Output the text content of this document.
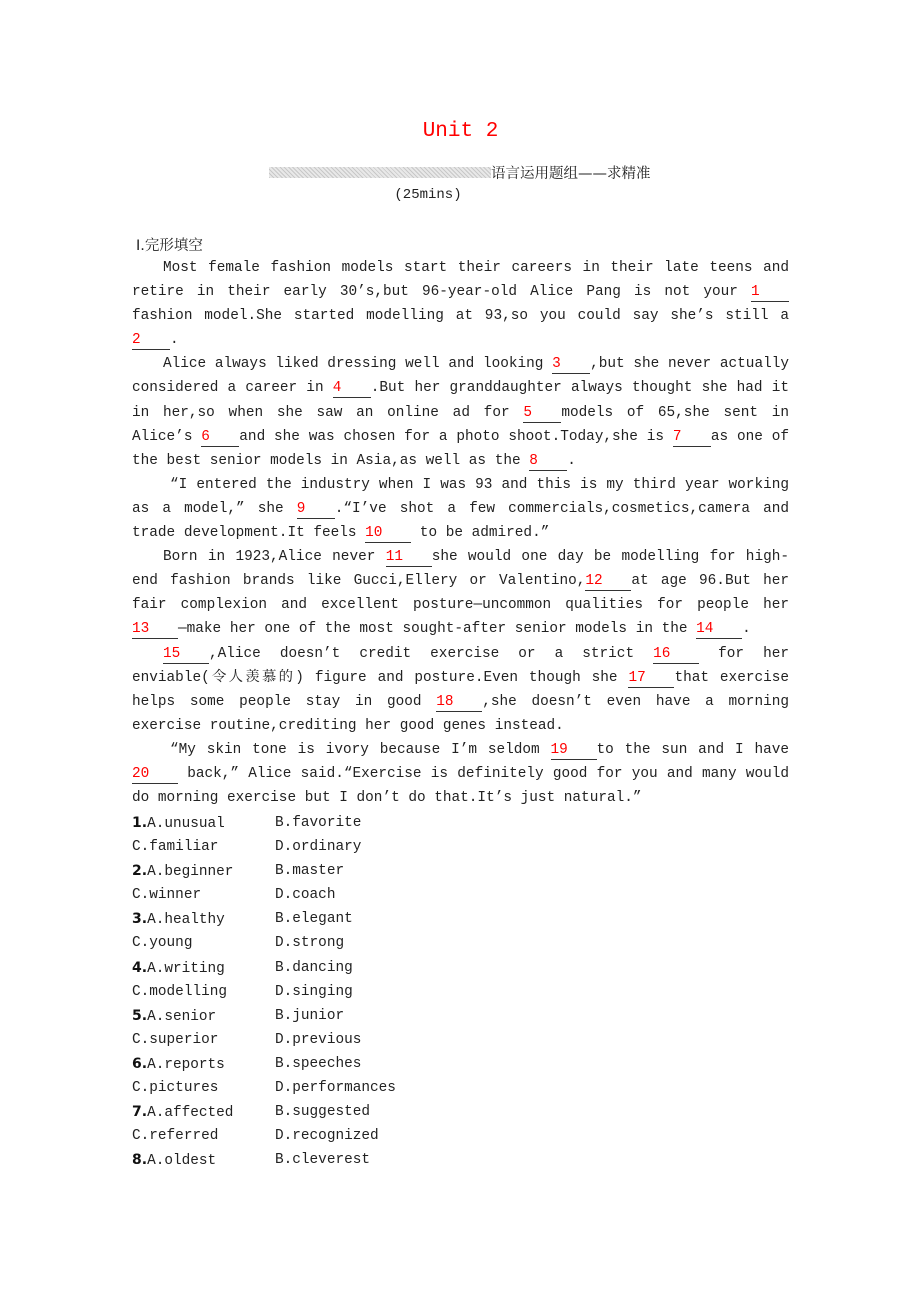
Unit 2
语言运用题组——求精准
(25mins)
Ⅰ.完形填空

Most female fashion models start their careers in their late teens and retire in their early 30’s,but 96-year-old Alice Pang is not your 1fashion model.She started modelling at 93,so you could say she’s still a 2 .

Alice always liked dressing well and looking 3 ,but she never actually considered a career in 4 .But her granddaughter always thought she had it in her,so when she saw an online ad for 5 models of 65,she sent in Alice’s 6 and she was chosen for a photo shoot.Today,she is 7 as one of the best senior models in Asia,as well as the 8 .

“I entered the industry when I was 93 and this is my third year working as a model,” she 9 .“I’ve shot a few commercials,cosmetics,camera and trade development.It feels 10 to be admired.”

Born in 1923,Alice never 11 she would one day be modelling for high-end fashion brands like Gucci,Ellery or Valentino,12 at age 96.But her fair complexion and excellent posture—uncommon qualities for people her 13 —make her one of the most sought-after senior models in the 14 .

15 ,Alice doesn’t credit exercise or a strict 16 for her enviable(令人羡慕的) figure and posture.Even though she 17 that exercise helps some people stay in good 18 ,she doesn’t even have a morning exercise routine,crediting her good genes instead.

“My skin tone is ivory because I’m seldom 19 to the sun and I have 20 back,” Alice said.“Exercise is definitely good for you and many would do morning exercise but I don’t do that.It’s just natural.”

1.A.unusual	B.favorite
C.familiar	D.ordinary
2.A.beginner	B.master
C.winner	D.coach
3.A.healthy	B.elegant
C.young	D.strong
4.A.writing	B.dancing
C.modelling	D.singing
5.A.senior	B.junior
C.superior	D.previous
6.A.reports	B.speeches
C.pictures	D.performances
7.A.affected	B.suggested
C.referred	D.recognized
8.A.oldest	B.cleverest
